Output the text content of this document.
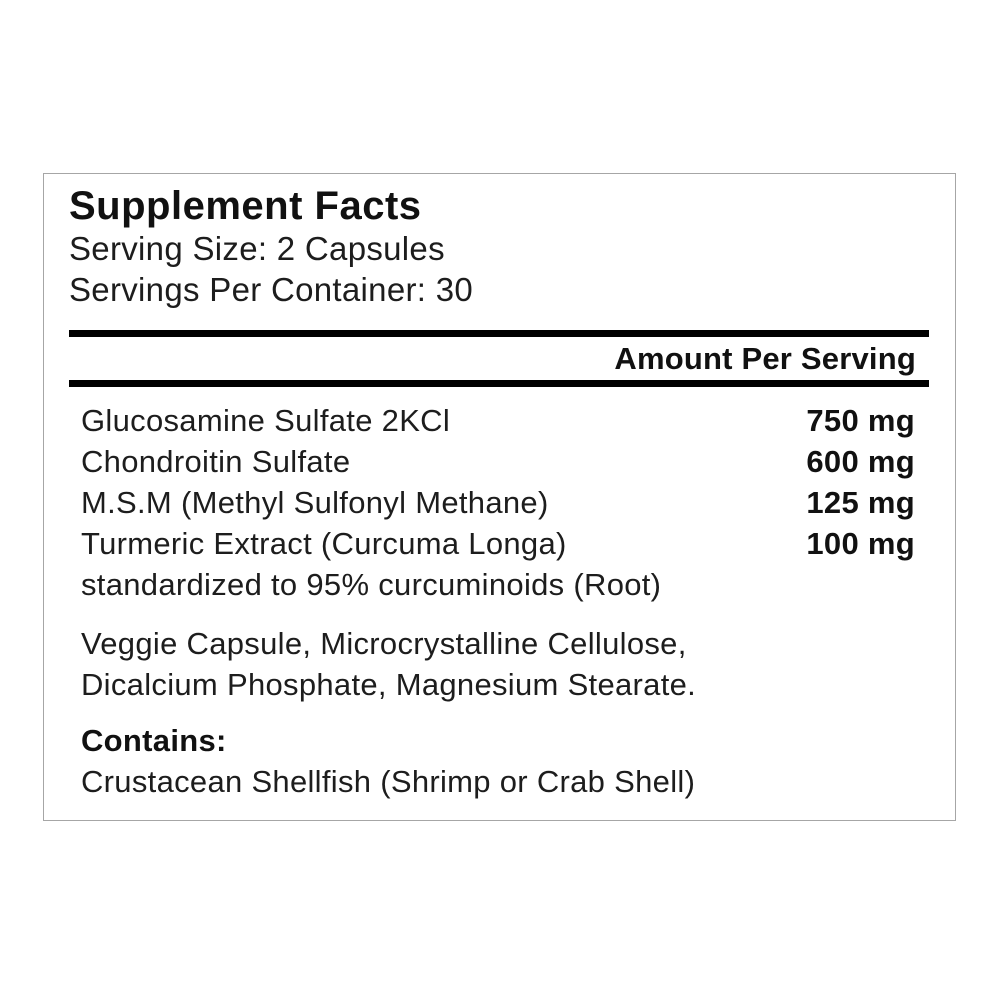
Supplement Facts
Serving Size: 2 Capsules
Servings Per Container: 30
Amount Per Serving
Glucosamine Sulfate 2KCl	750 mg
Chondroitin Sulfate	600 mg
M.S.M (Methyl Sulfonyl Methane)	125 mg
Turmeric Extract (Curcuma Longa)	100 mg
standardized to 95% curcuminoids (Root)
Veggie Capsule, Microcrystalline Cellulose,
Dicalcium Phosphate, Magnesium Stearate.
Contains:
Crustacean Shellfish (Shrimp or Crab Shell)
